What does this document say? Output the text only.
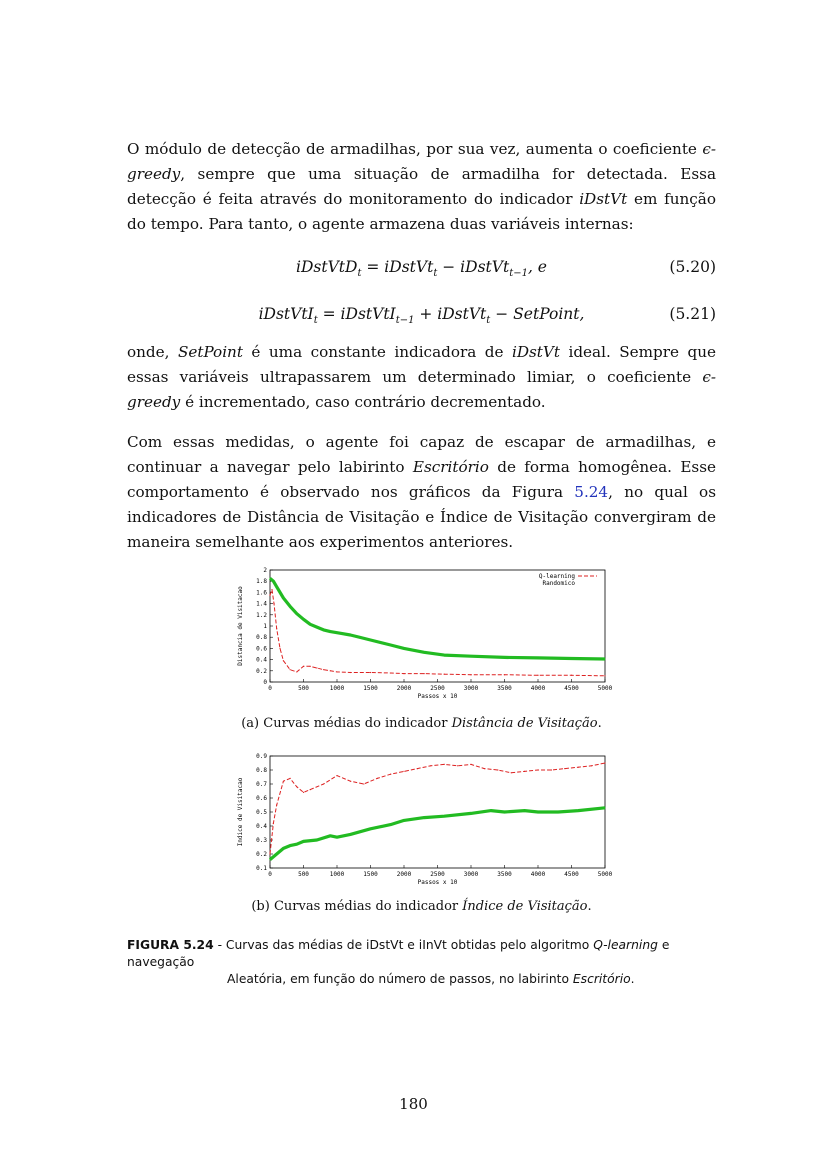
O módulo de detecção de armadilhas, por sua vez, aumenta o coeficiente ϵ-greedy, sempre que uma situação de armadilha for detectada. Essa detecção é feita através do monitoramento do indicador iDstVt em função do tempo. Para tanto, o agente armazena duas variáveis internas:

iDstVtD$_t$ = iDstVt$_t$ − iDstVt$_{t-1}$, e	(5.20)
iDstVtI$_t$ = iDstVtI$_{t-1}$ + iDstVt$_t$ − SetPoint,	(5.21)

onde, SetPoint é uma constante indicadora de iDstVt ideal. Sempre que essas variáveis ultrapassarem um determinado limiar, o coeficiente ϵ-greedy é incrementado, caso contrário decrementado.

Com essas medidas, o agente foi capaz de escapar de armadilhas, e continuar a navegar pelo labirinto Escritório de forma homogênea. Esse comportamento é observado nos gráficos da Figura 5.24, no qual os indicadores de Distância de Visitação e Índice de Visitação convergiram de maneira semelhante aos experimentos anteriores.

0	500	1000	1500	2000	2500	3000	3500	4000	4500	5000
0
0.2
0.4
0.6
0.8
1
1.2
1.4
1.6
1.8
2
Passos x 10
Distancia de Visitacao
Q-learning
Randomico
(a) Curvas médias do indicador Distância de Visitação.
0	500	1000	1500	2000	2500	3000	3500	4000	4500	5000
0.1
0.2
0.3
0.4
0.5
0.6
0.7
0.8
0.9
Passos x 10
Indice de Visitacao
(b) Curvas médias do indicador Índice de Visitação.
FIGURA 5.24 - Curvas das médias de iDstVt e iInVt obtidas pelo algoritmo Q-learning e navegação
Aleatória, em função do número de passos, no labirinto Escritório.
180
